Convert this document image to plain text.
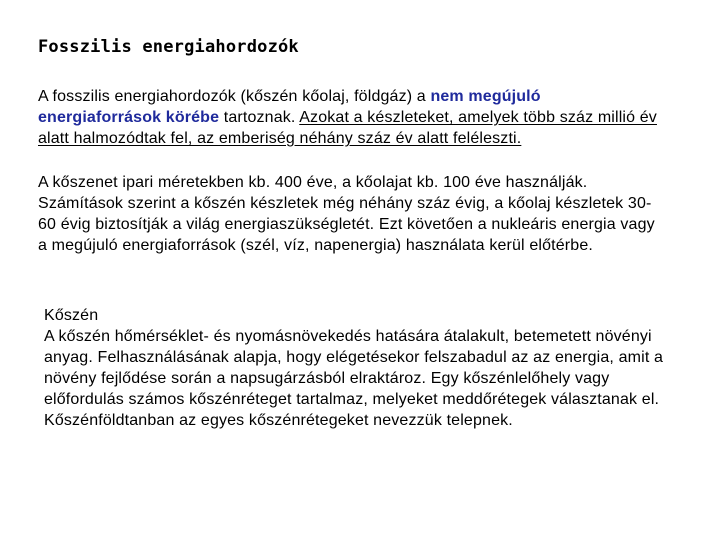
Fosszilis energiahordozók
A fosszilis energiahordozók (kőszén kőolaj, földgáz) a nem megújuló energiaforrások körébe tartoznak. Azokat a készleteket, amelyek több száz millió év alatt halmozódtak fel, az emberiség néhány száz év alatt feléleszti.
A kőszenet ipari méretekben kb. 400 éve, a kőolajat kb. 100 éve használják. Számítások szerint a kőszén készletek még néhány száz évig, a kőolaj készletek 30-60 évig biztosítják a világ energiaszükségletét. Ezt követően a nukleáris energia vagy a megújuló energiaforrások (szél, víz, napenergia) használata kerül előtérbe.
Kőszén
A kőszén hőmérséklet- és nyomásnövekedés hatására átalakult, betemetett növényi anyag. Felhasználásának alapja, hogy elégetésekor felszabadul az az energia, amit a növény fejlődése során a napsugárzásból elraktároz. Egy kőszénlelőhely vagy előfordulás számos kőszénréteget tartalmaz, melyeket meddőrétegek választanak el. Kőszénföldtanban az egyes kőszénrétegeket nevezzük telepnek.
